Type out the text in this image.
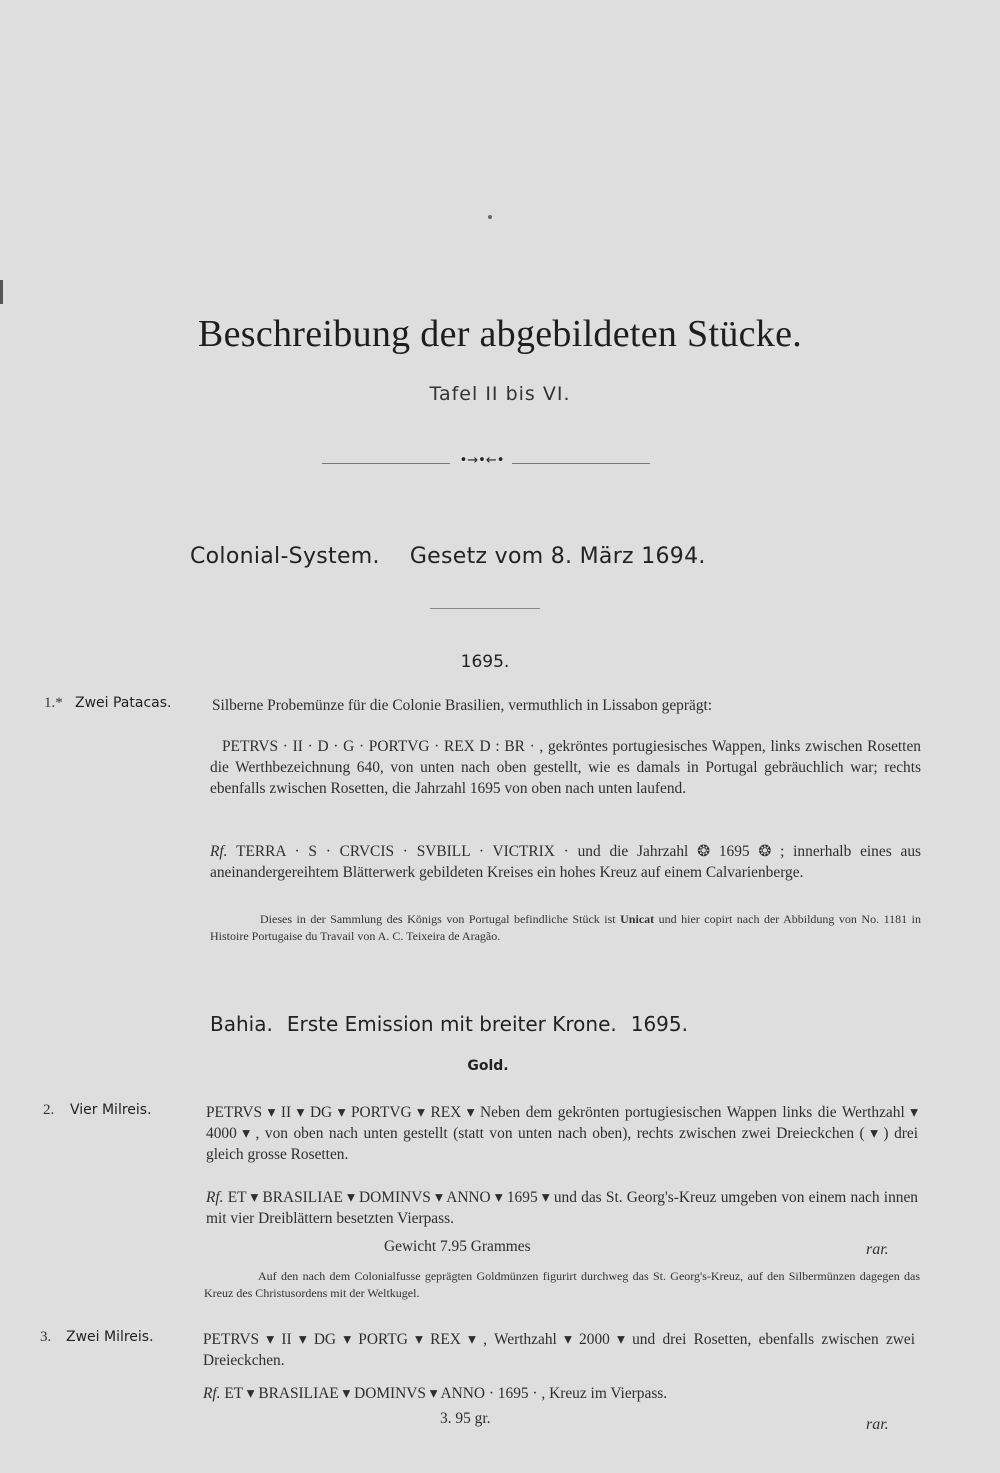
Beschreibung der abgebildeten Stücke.
Tafel II bis VI.
•→•←•
Colonial-System. Gesetz vom 8. März 1694.
1695.
1.* Zwei Patacas.	Silberne Probemünze für die Colonie Brasilien, vermuthlich in Lissabon geprägt:
PETRVS · II · D · G · PORTVG · REX D : BR · , gekröntes portugiesisches Wappen, links zwischen Rosetten die Werthbezeichnung 640, von unten nach oben gestellt, wie es damals in Portugal gebräuchlich war; rechts ebenfalls zwischen Rosetten, die Jahrzahl 1695 von oben nach unten laufend.
Rf. TERRA · S · CRVCIS · SVBILL · VICTRIX · und die Jahrzahl ❂ 1695 ❂ ; innerhalb eines aus aneinandergereihtem Blätterwerk gebildeten Kreises ein hohes Kreuz auf einem Calvarienberge.
Dieses in der Sammlung des Königs von Portugal befindliche Stück ist Unicat und hier copirt nach der Abbildung von No. 1181 in Histoire Portugaise du Travail von A. C. Teixeira de Aragão.
Bahia. Erste Emission mit breiter Krone. 1695.
Gold.
2. Vier Milreis.	PETRVS ▾ II ▾ DG ▾ PORTVG ▾ REX ▾ Neben dem gekrönten portugiesischen Wappen links die Werthzahl ▾ 4000 ▾ , von oben nach unten gestellt (statt von unten nach oben), rechts zwischen zwei Dreieckchen ( ▾ ) drei gleich grosse Rosetten.
Rf. ET ▾ BRASILIAE ▾ DOMINVS ▾ ANNO ▾ 1695 ▾ und das St. Georg's-Kreuz umgeben von einem nach innen mit vier Dreiblättern besetzten Vierpass.
Gewicht 7.95 Grammes	rar.
Auf den nach dem Colonialfusse geprägten Goldmünzen figurirt durchweg das St. Georg's-Kreuz, auf den Silbermünzen dagegen das Kreuz des Christusordens mit der Weltkugel.
3. Zwei Milreis.	PETRVS ▾ II ▾ DG ▾ PORTG ▾ REX ▾ , Werthzahl ▾ 2000 ▾ und drei Rosetten, ebenfalls zwischen zwei Dreieckchen.
Rf. ET ▾ BRASILIAE ▾ DOMINVS ▾ ANNO · 1695 · , Kreuz im Vierpass.
3. 95 gr.	rar.
